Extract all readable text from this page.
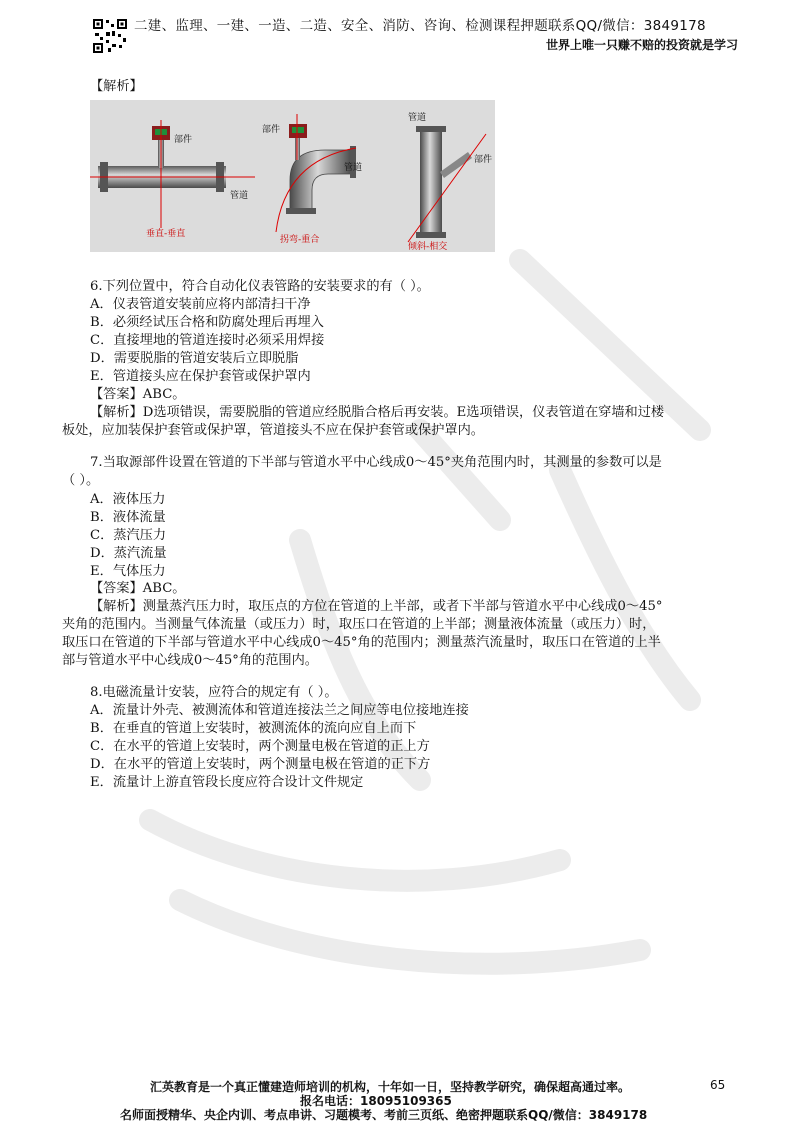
二建、监理、一建、一造、二造、安全、消防、咨询、检测课程押题联系QQ/微信：3849178
世界上唯一只赚不赔的投资就是学习
【解析】
部件
管道
垂直-垂直
部件
管道
拐弯-重合
管道
部件
倾斜-相交
6.下列位置中，符合自动化仪表管路的安装要求的有（ ）。
A．仪表管道安装前应将内部清扫干净
B．必须经试压合格和防腐处理后再埋入
C．直接埋地的管道连接时必须采用焊接
D．需要脱脂的管道安装后立即脱脂
E．管道接头应在保护套管或保护罩内
【答案】ABC。
【解析】D选项错误，需要脱脂的管道应经脱脂合格后再安装。E选项错误，仪表管道在穿墙和过楼
板处，应加装保护套管或保护罩，管道接头不应在保护套管或保护罩内。
7.当取源部件设置在管道的下半部与管道水平中心线成0～45°夹角范围内时，其测量的参数可以是
（ ）。
A．液体压力
B．液体流量
C．蒸汽压力
D．蒸汽流量
E．气体压力
【答案】ABC。
【解析】测量蒸汽压力时，取压点的方位在管道的上半部，或者下半部与管道水平中心线成0～45°
夹角的范围内。当测量气体流量（或压力）时，取压口在管道的上半部；测量液体流量（或压力）时，
取压口在管道的下半部与管道水平中心线成0～45°角的范围内；测量蒸汽流量时，取压口在管道的上半
部与管道水平中心线成0～45°角的范围内。
8.电磁流量计安装，应符合的规定有（ ）。
A．流量计外壳、被测流体和管道连接法兰之间应等电位接地连接
B．在垂直的管道上安装时，被测流体的流向应自上而下
C．在水平的管道上安装时，两个测量电极在管道的正上方
D．在水平的管道上安装时，两个测量电极在管道的正下方
E．流量计上游直管段长度应符合设计文件规定
汇英教育是一个真正懂建造师培训的机构，十年如一日，坚持教学研究，确保超高通过率。	65
报名电话：18095109365
名师面授精华、央企内训、考点串讲、习题模考、考前三页纸、绝密押题联系QQ/微信：3849178
